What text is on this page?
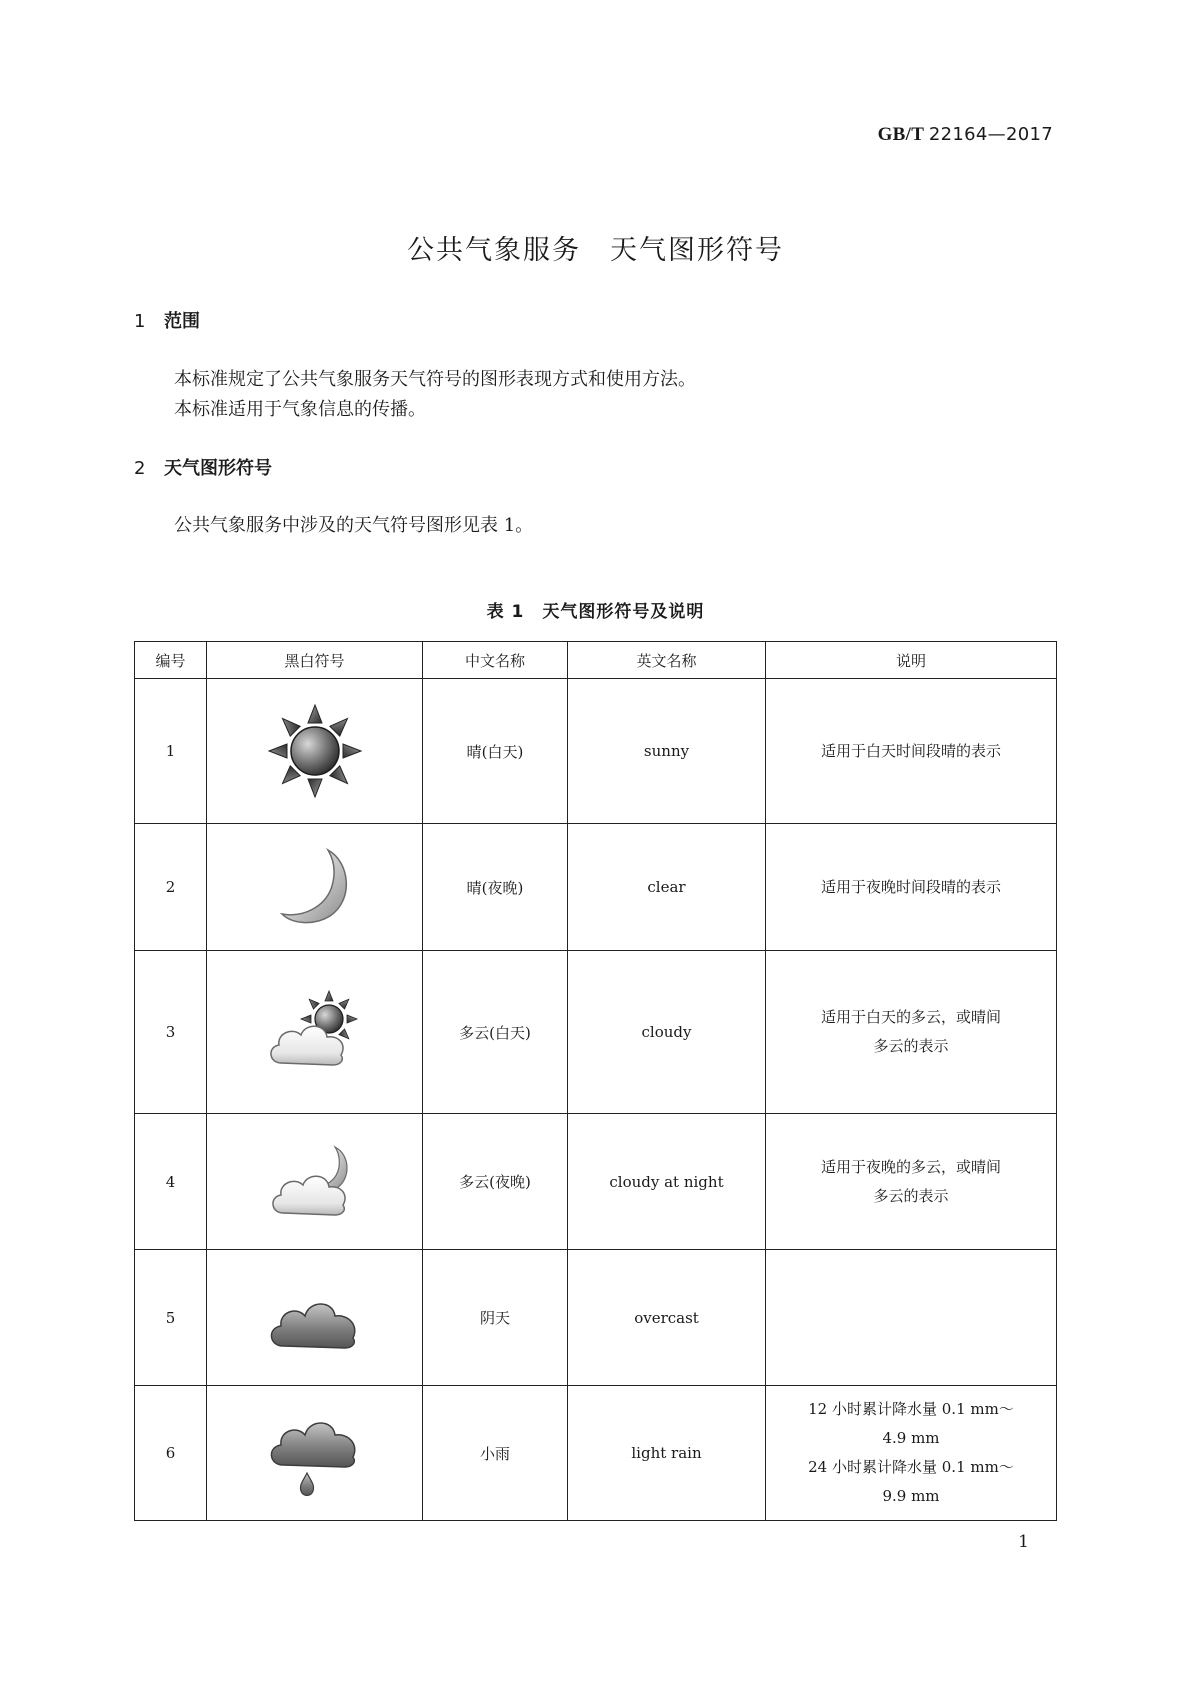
GB/T 22164—2017
公共气象服务　天气图形符号
1 范围
本标准规定了公共气象服务天气符号的图形表现方式和使用方法。
本标准适用于气象信息的传播。
2 天气图形符号
公共气象服务中涉及的天气符号图形见表 1。
表 1　天气图形符号及说明
编号	黑白符号	中文名称	英文名称	说明
1		晴(白天)	sunny	适用于白天时间段晴的表示

2		晴(夜晚)	clear	适用于夜晚时间段晴的表示

3		多云(白天)	cloudy	适用于白天的多云，或晴间
多云的表示

4		多云(夜晚)	cloudy at night	适用于夜晚的多云，或晴间
多云的表示

5		阴天	overcast	

6		小雨	light rain	12 小时累计降水量 0.1 mm～
4.9 mm
24 小时累计降水量 0.1 mm～
9.9 mm
1
